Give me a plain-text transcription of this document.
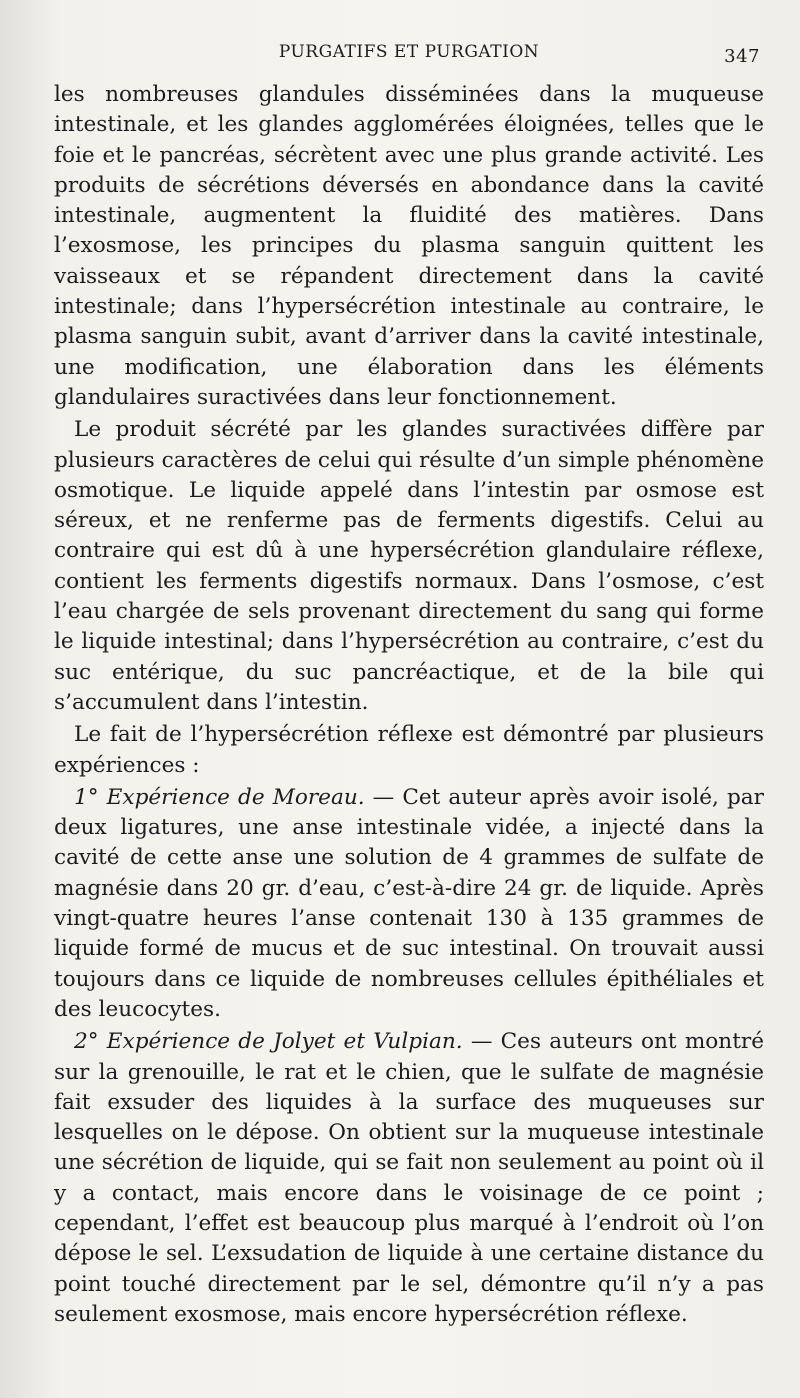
PURGATIFS ET PURGATION	347

les nombreuses glandules disséminées dans la muqueuse intestinale, et les glandes agglomérées éloignées, telles que le foie et le pancréas, sécrètent avec une plus grande activité. Les produits de sécrétions déversés en abondance dans la cavité intestinale, augmentent la fluidité des matières. Dans l’exosmose, les principes du plasma sanguin quittent les vaisseaux et se répandent directement dans la cavité intestinale; dans l’hypersécrétion intestinale au contraire, le plasma sanguin subit, avant d’arriver dans la cavité intestinale, une modification, une élaboration dans les éléments glandulaires suractivées dans leur fonctionnement.

Le produit sécrété par les glandes suractivées diffère par plusieurs caractères de celui qui résulte d’un simple phénomène osmotique. Le liquide appelé dans l’intestin par osmose est séreux, et ne renferme pas de ferments digestifs. Celui au contraire qui est dû à une hypersécrétion glandulaire réflexe, contient les ferments digestifs normaux. Dans l’osmose, c’est l’eau chargée de sels provenant directement du sang qui forme le liquide intestinal; dans l’hypersécrétion au contraire, c’est du suc entérique, du suc pancréactique, et de la bile qui s’accumulent dans l’intestin.

Le fait de l’hypersécrétion réflexe est démontré par plusieurs expériences :

1° Expérience de Moreau. — Cet auteur après avoir isolé, par deux ligatures, une anse intestinale vidée, a injecté dans la cavité de cette anse une solution de 4 grammes de sulfate de magnésie dans 20 gr. d’eau, c’est-à-dire 24 gr. de liquide. Après vingt-quatre heures l’anse contenait 130 à 135 grammes de liquide formé de mucus et de suc intestinal. On trouvait aussi toujours dans ce liquide de nombreuses cellules épithéliales et des leucocytes.

2° Expérience de Jolyet et Vulpian. — Ces auteurs ont montré sur la grenouille, le rat et le chien, que le sulfate de magnésie fait exsuder des liquides à la surface des muqueuses sur lesquelles on le dépose. On obtient sur la muqueuse intestinale une sécrétion de liquide, qui se fait non seulement au point où il y a contact, mais encore dans le voisinage de ce point ; cependant, l’effet est beaucoup plus marqué à l’endroit où l’on dépose le sel. L’exsudation de liquide à une certaine distance du point touché directement par le sel, démontre qu’il n’y a pas seulement exosmose, mais encore hypersécrétion réflexe.
